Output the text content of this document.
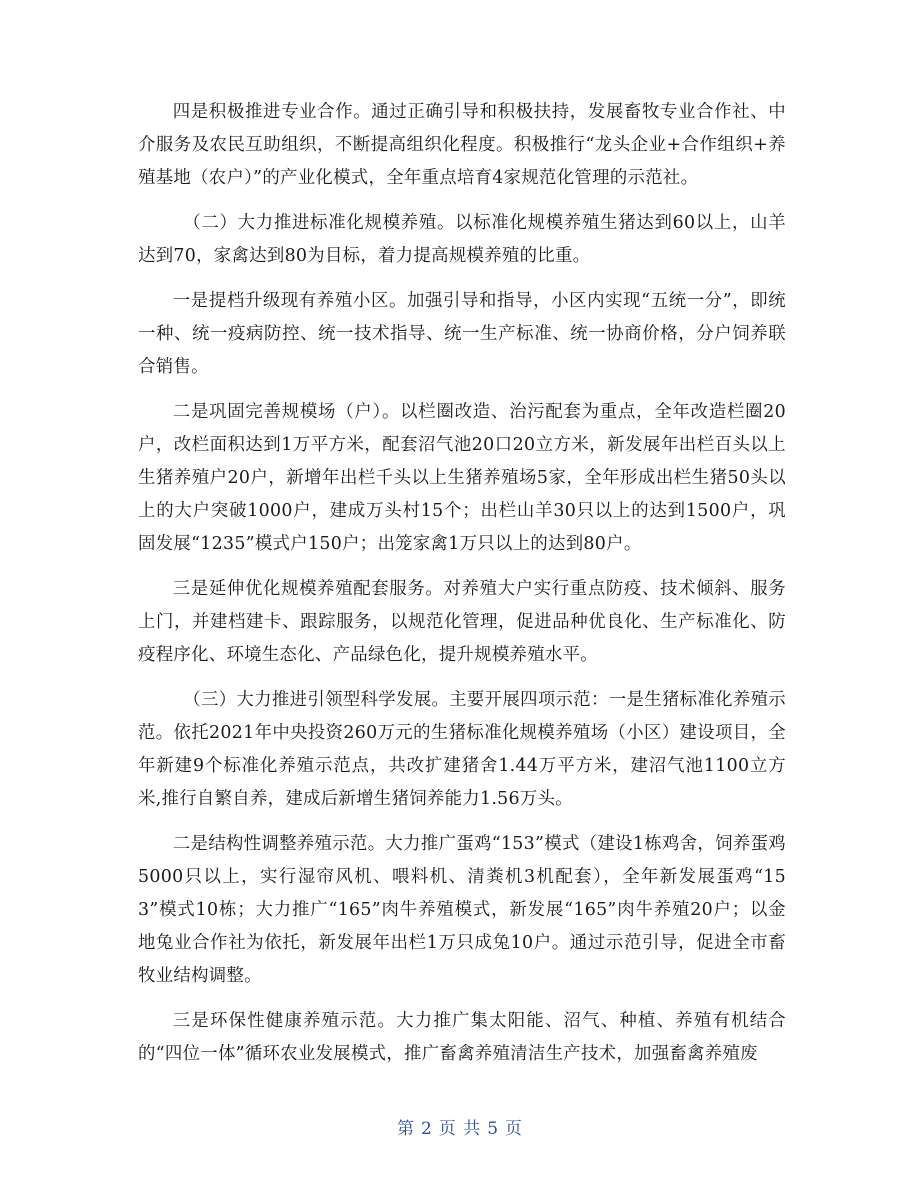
四是积极推进专业合作。通过正确引导和积极扶持，发展畜牧专业合作社、中介服务及农民互助组织，不断提高组织化程度。积极推行“龙头企业+合作组织+养殖基地（农户）”的产业化模式，全年重点培育4家规范化管理的示范社。

（二）大力推进标准化规模养殖。以标准化规模养殖生猪达到60以上，山羊达到70，家禽达到80为目标，着力提高规模养殖的比重。

一是提档升级现有养殖小区。加强引导和指导，小区内实现“五统一分”，即统一种、统一疫病防控、统一技术指导、统一生产标准、统一协商价格，分户饲养联合销售。

二是巩固完善规模场（户）。以栏圈改造、治污配套为重点，全年改造栏圈20户，改栏面积达到1万平方米，配套沼气池20口20立方米，新发展年出栏百头以上生猪养殖户20户，新增年出栏千头以上生猪养殖场5家，全年形成出栏生猪50头以上的大户突破1000户，建成万头村15个；出栏山羊30只以上的达到1500户，巩固发展“1235”模式户150户；出笼家禽1万只以上的达到80户。

三是延伸优化规模养殖配套服务。对养殖大户实行重点防疫、技术倾斜、服务上门，并建档建卡、跟踪服务，以规范化管理，促进品种优良化、生产标准化、防疫程序化、环境生态化、产品绿色化，提升规模养殖水平。

（三）大力推进引领型科学发展。主要开展四项示范：一是生猪标准化养殖示范。依托2021年中央投资260万元的生猪标准化规模养殖场（小区）建设项目，全年新建9个标准化养殖示范点，共改扩建猪舍1.44万平方米，建沼气池1100立方米,推行自繁自养，建成后新增生猪饲养能力1.56万头。

二是结构性调整养殖示范。大力推广蛋鸡“153”模式（建设1栋鸡舍，饲养蛋鸡5000只以上，实行湿帘风机、喂料机、清粪机3机配套），全年新发展蛋鸡“153”模式10栋；大力推广“165”肉牛养殖模式，新发展“165”肉牛养殖20户；以金地兔业合作社为依托，新发展年出栏1万只成兔10户。通过示范引导，促进全市畜牧业结构调整。

三是环保性健康养殖示范。大力推广集太阳能、沼气、种植、养殖有机结合的“四位一体”循环农业发展模式，推广畜禽养殖清洁生产技术，加强畜禽养殖废

第 2 页 共 5 页
